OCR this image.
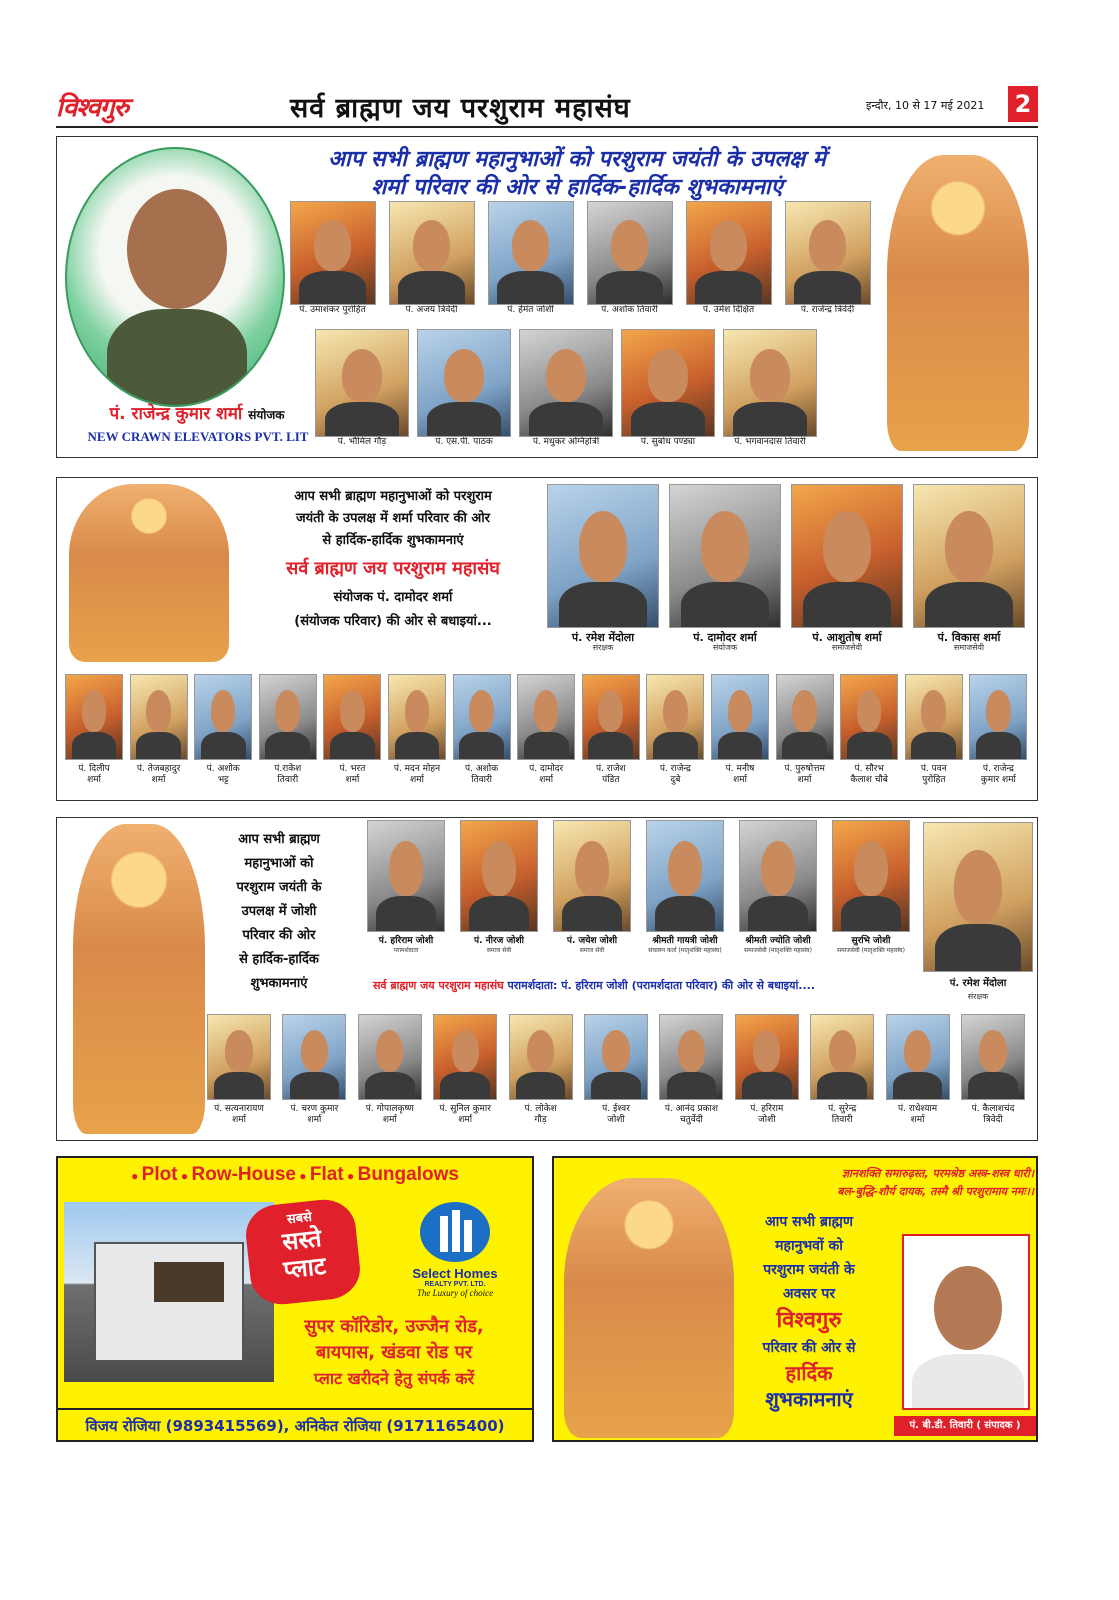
विश्वगुरु	सर्व ब्राह्मण जय परशुराम महासंघ	इन्दौर, 10 से 17 मई 2021 2
आप सभी ब्राह्मण महानुभाओं को परशुराम जयंती के उपलक्ष में
शर्मा परिवार की ओर से हार्दिक-हार्दिक शुभकामनाएं
पं. राजेन्द्र कुमार शर्मा संयोजक
NEW CRAWN ELEVATORS PVT. LIT
पं. उमाशंकर पुरोहित	पं. अजय त्रिवेदी	पं. हेमंत जोशी	पं. अशोक तिवारी	पं. उमेश दिक्षित	पं. राजेन्द्र त्रिवेदी
पं. भौमिल गौड़	पं. एस.पी. पाठक	पं. मधुकर अग्निहोत्री	पं. सुबोध पण्ड्या	पं. भगवानदास तिवारी
आप सभी ब्राह्मण महानुभाओं को परशुराम
जयंती के उपलक्ष में शर्मा परिवार की ओर
से हार्दिक-हार्दिक शुभकामनाएं
सर्व ब्राह्मण जय परशुराम महासंघ
संयोजक पं. दामोदर शर्मा
(संयोजक परिवार) की ओर से बधाइयां...
पं. रमेश मेंदोला
संरक्षक
पं. दामोदर शर्मा
संयोजक
पं. आशुतोष शर्मा
समाजसेवी
पं. विकास शर्मा
समाजसेवी
पं. दिलीप
शर्मा
पं. तेजबहादुर
शर्मा
पं. अशोक
भट्ट
पं.राकेश
तिवारी
पं. भरत
शर्मा
पं. मदन मोहन
शर्मा
पं. अशोक
तिवारी
पं. दामोदर
शर्मा
पं. राजेश
पंडित
पं. राजेन्द्र
दुबे
पं. मनीष
शर्मा
पं. पुरुषोत्तम
शर्मा
पं. सौरभ
कैलाश चौबे
पं. पवन
पुरोहित
पं. राजेन्द्र
कुमार शर्मा
आप सभी ब्राह्मण
महानुभाओं को
परशुराम जयंती के
उपलक्ष में जोशी
परिवार की ओर
से हार्दिक-हार्दिक
शुभकामनाएं
पं. हरिराम जोशी
परामर्शदाता
पं. नीरज जोशी
समाज सेवी
पं. जयेश जोशी
समाज सेवी
श्रीमती गायत्री जोशी
संचालन कर्ता (मातृशक्ति महासंघ)
श्रीमती ज्योति जोशी
समाजसेवी (मातृशक्ति महासंघ)
सुरभि जोशी
समाजसेवी (मातृशक्ति महासंघ)
पं. रमेश मेंदोला
संरक्षक
सर्व ब्राह्मण जय परशुराम महासंघ परामर्शदाता: पं. हरिराम जोशी (परामर्शदाता परिवार) की ओर से बधाइयां....
पं. सत्यनारायण
शर्मा
पं. चरण कुमार
शर्मा
पं. गोपालकृष्ण
शर्मा
पं. सुनिल कुमार
शर्मा
पं. लोकेश
गौड़
पं. ईश्वर
जोशी
पं. आनंद प्रकाश
चतुर्वेदी
पं. हरिराम
जोशी
पं. सुरेन्द्र
तिवारी
पं. राधेश्याम
शर्मा
पं. कैलाशचंद
त्रिवेदी
● Plot ● Row-House ● Flat ● Bungalows
सबसे
सस्ते
प्लाट	Select Homes
REALTY PVT. LTD.
The Luxury of choice
सुपर कॉरिडोर, उज्जैन रोड,
बायपास, खंडवा रोड पर
प्लाट खरीदने हेतु संपर्क करें
विजय रोजिया (9893415569), अनिकेत रोजिया (9171165400)
ज्ञानशक्ति समारुढ़स्त, परमश्रेष्ठ अस्त्र-शस्त्र धारी।
बल-बुद्धि-शौर्य दायक, तस्मै श्री परशुरामाय नमः।।
आप सभी ब्राह्मण
महानुभवों को
परशुराम जयंती के
अवसर पर
विश्वगुरु
परिवार की ओर से
हार्दिक
शुभकामनाएं
पं. बी.डी. तिवारी ( संपादक )
